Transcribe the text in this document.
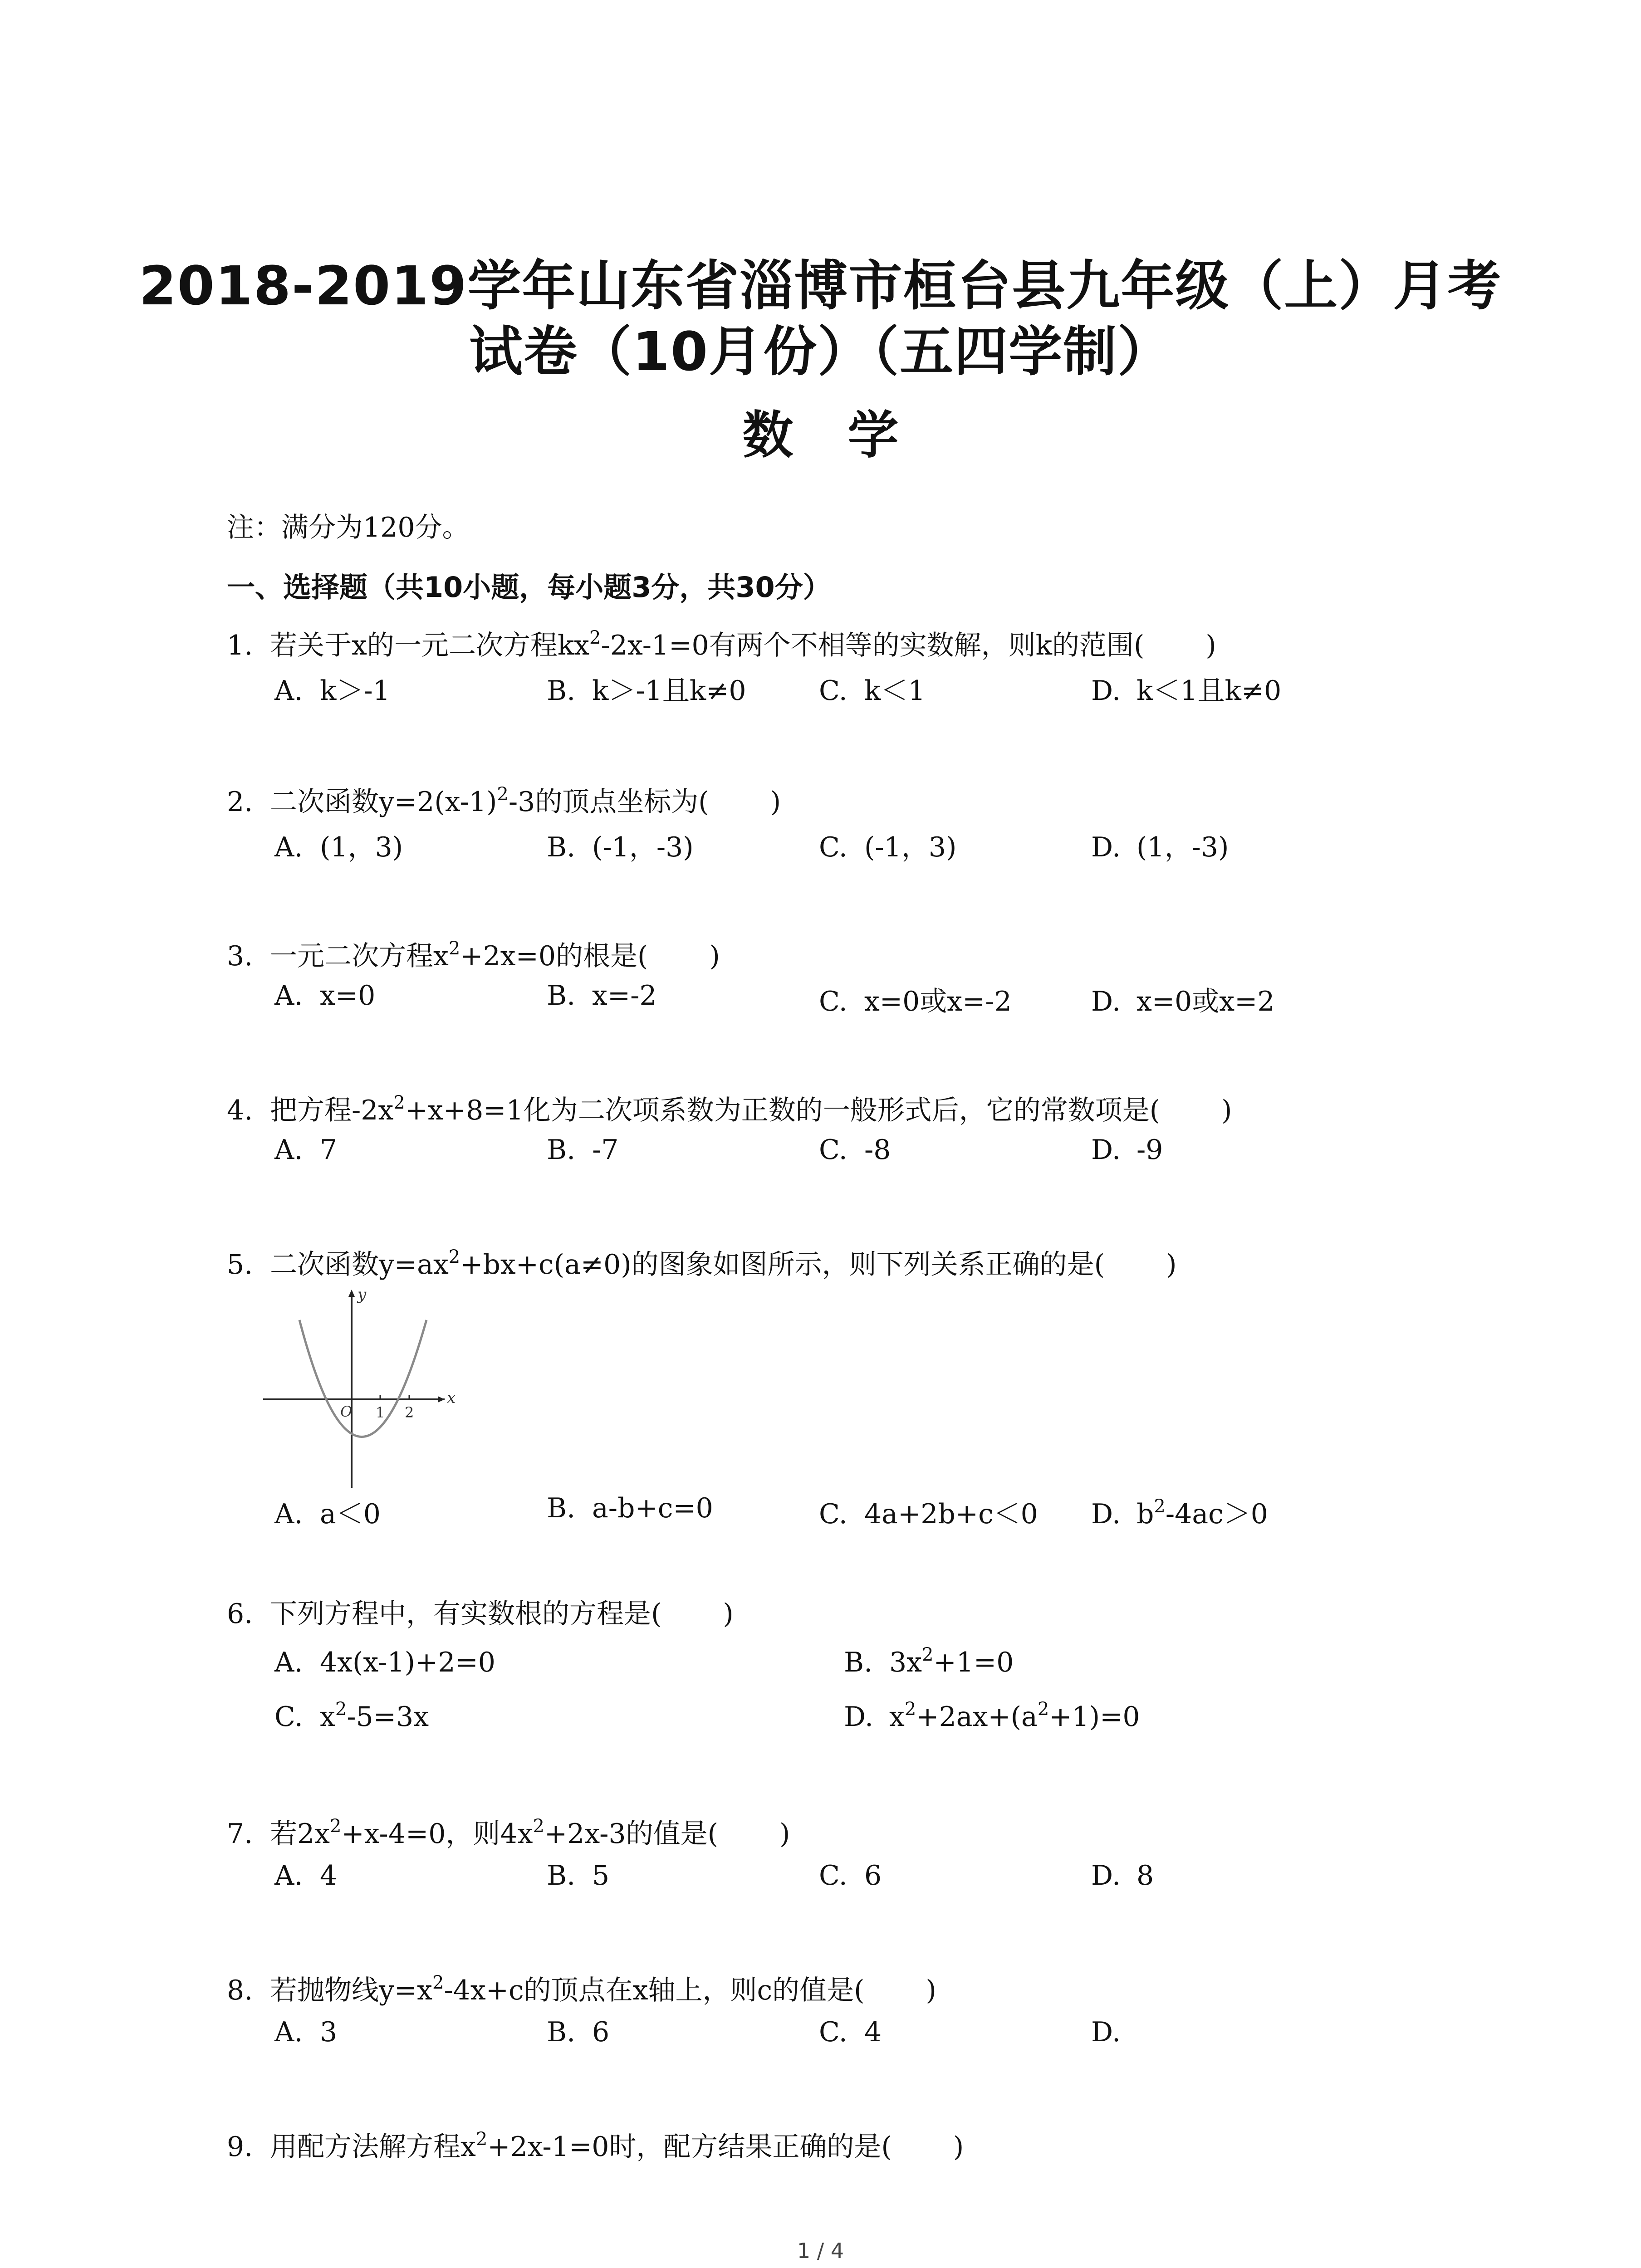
2018-2019学年山东省淄博市桓台县九年级（上）月考
试卷（10月份）（五四学制）
数学
注：满分为120分。
一、选择题（共10小题，每小题3分，共30分）
1. 若关于x的一元二次方程$kx^2-2x-1=0$有两个不相等的实数解，则k的范围( )
A. k＞-1	B. k＞-1且k≠0	C. k＜1	D. k＜1且k≠0
2. 二次函数$y=2(x-1)^2-3$的顶点坐标为( )
A. (1，3)	B. (-1，-3)	C. (-1，3)	D. (1，-3)
3. 一元二次方程$x^2+2x=0$的根是( )
A. x=0	B. x=-2	C. x=0或x=-2	D. x=0或x=2
4. 把方程$-2x^2+x+8=1$化为二次项系数为正数的一般形式后，它的常数项是( )
A. 7	B. -7	C. -8	D. -9
5. 二次函数$y=ax^2+bx+c(a\ne 0)$的图象如图所示，则下列关系正确的是( )
y
x
O 1 2
A. a＜0	B. a-b+c=0	C. 4a+2b+c＜0 D. $b^2-4ac>0$
6. 下列方程中，有实数根的方程是( )
A. 4x(x-1)+2=0	B. $3x^2+1=0$
C. $x^2-5=3x$	D. $x^2+2ax+(a^2+1)=0$
7. 若$2x^2+x-4=0$，则$4x^2+2x-3$的值是( )
A. 4	B. 5	C. 6	D. 8
8. 若抛物线$y=x^2-4x+c$的顶点在x轴上，则c的值是( )
A. 3	B. 6	C. 4	D.
9. 用配方法解方程$x^2+2x-1=0$时，配方结果正确的是( )
1 / 4
